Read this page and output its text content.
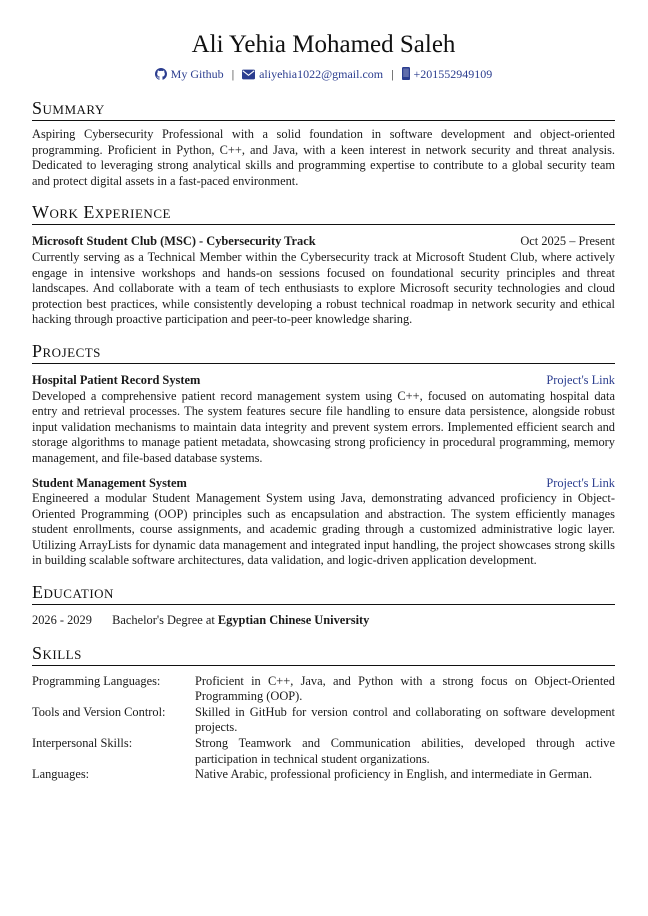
Ali Yehia Mohamed Saleh
My Github | aliyehia1022@gmail.com | +201552949109
Summary
Aspiring Cybersecurity Professional with a solid foundation in software development and object-oriented programming. Proficient in Python, C++, and Java, with a keen interest in network security and threat analysis. Dedicated to leveraging strong analytical skills and programming expertise to contribute to a global security team and protect digital assets in a fast-paced environment.
Work Experience
Microsoft Student Club (MSC) - Cybersecurity Track	Oct 2025 – Present
Currently serving as a Technical Member within the Cybersecurity track at Microsoft Student Club, where actively engage in intensive workshops and hands-on sessions focused on foundational security principles and threat landscapes. And collaborate with a team of tech enthusiasts to explore Microsoft security technologies and cloud protection best practices, while consistently developing a robust technical roadmap in network security and ethical hacking through proactive participation and peer-to-peer knowledge sharing.
Projects
Hospital Patient Record System	Project's Link
Developed a comprehensive patient record management system using C++, focused on automating hospital data entry and retrieval processes. The system features secure file handling to ensure data persistence, alongside robust input validation mechanisms to maintain data integrity and prevent system errors. Implemented efficient search and storage algorithms to manage patient metadata, showcasing strong proficiency in procedural programming, memory management, and file-based database systems.
Student Management System	Project's Link
Engineered a modular Student Management System using Java, demonstrating advanced proficiency in Object-Oriented Programming (OOP) principles such as encapsulation and abstraction. The system efficiently manages student enrollments, course assignments, and academic grading through a customized administrative logic layer. Utilizing ArrayLists for dynamic data management and integrated input handling, the project showcases strong skills in building scalable software architectures, data validation, and logic-driven application development.
Education
2026 - 2029 Bachelor's Degree at Egyptian Chinese University
Skills
Programming Languages:	Proficient in C++, Java, and Python with a strong focus on Object-Oriented Programming (OOP).
Tools and Version Control:	Skilled in GitHub for version control and collaborating on software development projects.
Interpersonal Skills:	Strong Teamwork and Communication abilities, developed through active participation in technical student organizations.
Languages:	Native Arabic, professional proficiency in English, and intermediate in German.
